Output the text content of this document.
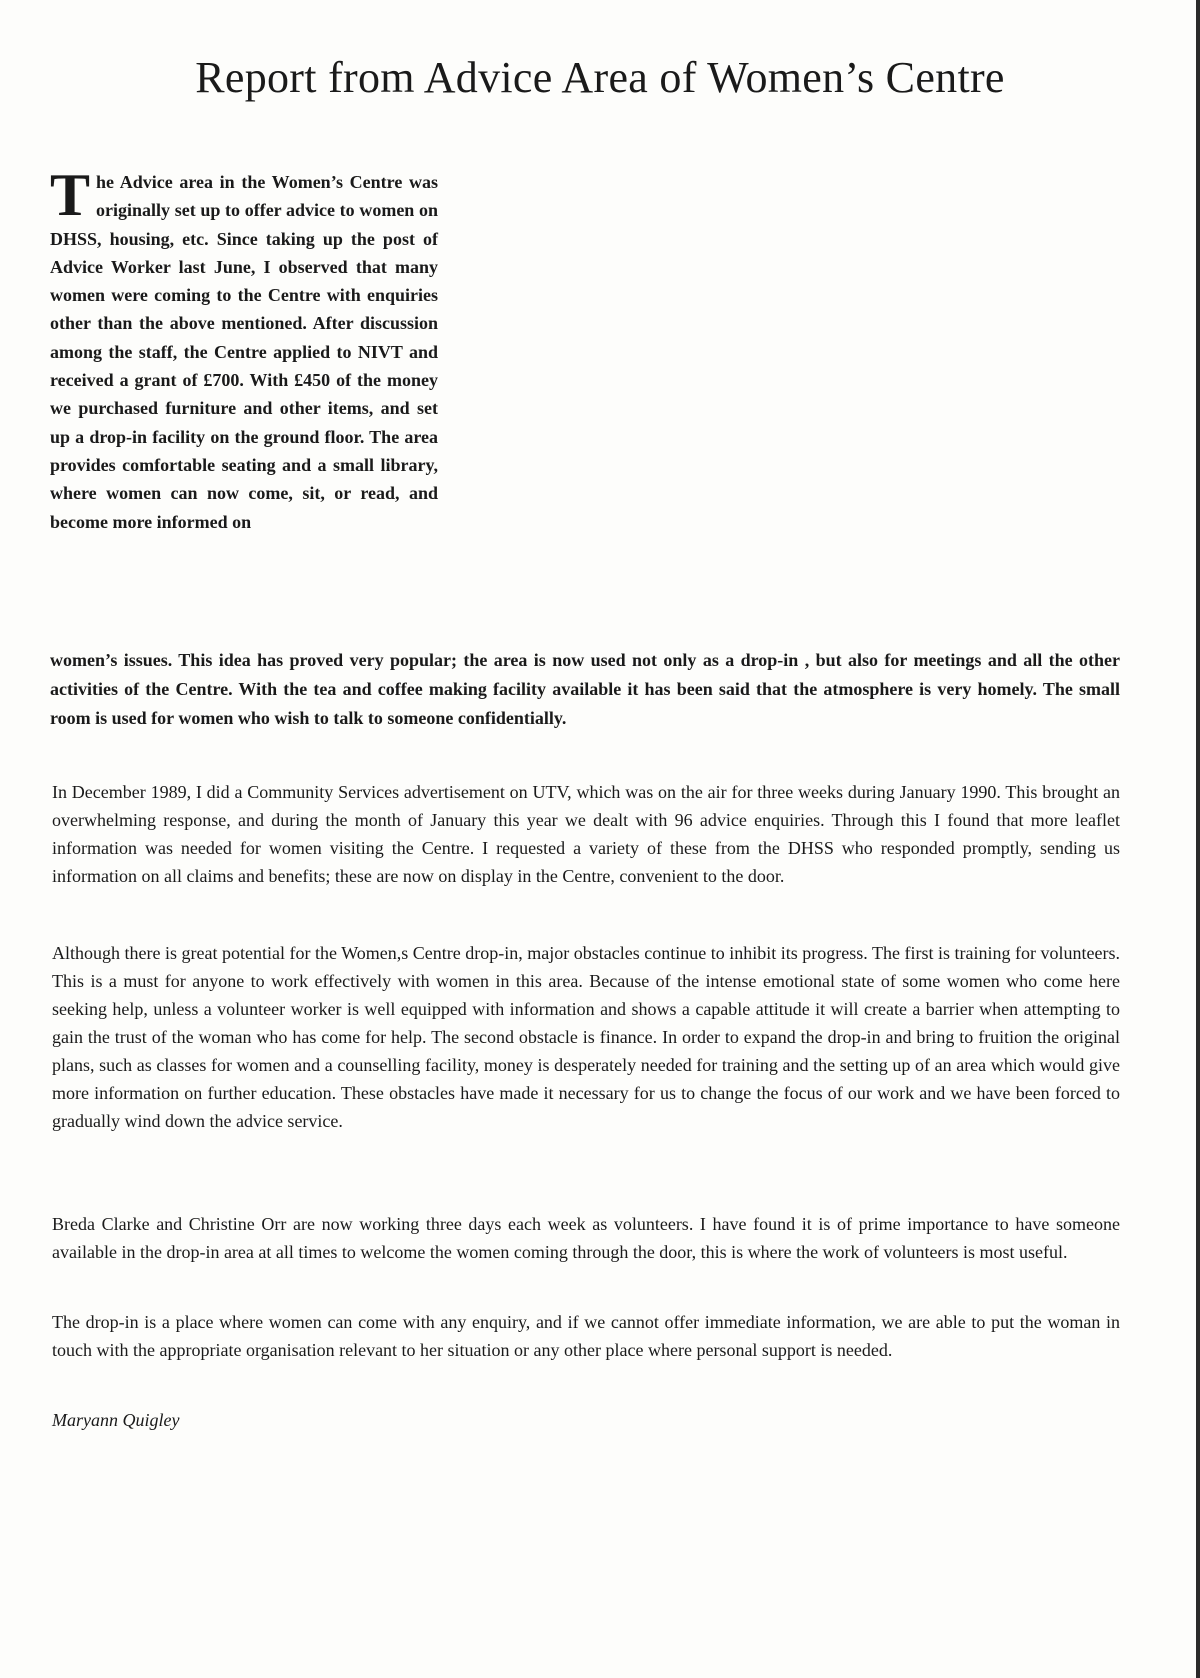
Report from Advice Area of Women’s Centre

The Advice area in the Women’s Centre was originally set up to offer advice to women on DHSS, housing, etc. Since taking up the post of Advice Worker last June, I observed that many women were coming to the Centre with enquiries other than the above mentioned. After discussion among the staff, the Centre applied to NIVT and received a grant of £700. With £450 of the money we purchased furniture and other items, and set up a drop-in facility on the ground floor. The area provides comfortable seating and a small library, where women can now come, sit, or read, and become more informed on

women’s issues. This idea has proved very popular; the area is now used not only as a drop-in , but also for meetings and all the other activities of the Centre. With the tea and coffee making facility available it has been said that the atmosphere is very homely. The small room is used for women who wish to talk to someone confidentially.

In December 1989, I did a Community Services advertisement on UTV, which was on the air for three weeks during January 1990. This brought an overwhelming response, and during the month of January this year we dealt with 96 advice enquiries. Through this I found that more leaflet information was needed for women visiting the Centre. I requested a variety of these from the DHSS who responded promptly, sending us information on all claims and benefits; these are now on display in the Centre, convenient to the door.

Although there is great potential for the Women,s Centre drop-in, major obstacles continue to inhibit its progress. The first is training for volunteers. This is a must for anyone to work effectively with women in this area. Because of the intense emotional state of some women who come here seeking help, unless a volunteer worker is well equipped with information and shows a capable attitude it will create a barrier when attempting to gain the trust of the woman who has come for help. The second obstacle is finance. In order to expand the drop-in and bring to fruition the original plans, such as classes for women and a counselling facility, money is desperately needed for training and the setting up of an area which would give more information on further education. These obstacles have made it necessary for us to change the focus of our work and we have been forced to gradually wind down the advice service.

Breda Clarke and Christine Orr are now working three days each week as volunteers. I have found it is of prime importance to have someone available in the drop-in area at all times to welcome the women coming through the door, this is where the work of volunteers is most useful.

The drop-in is a place where women can come with any enquiry, and if we cannot offer immediate information, we are able to put the woman in touch with the appropriate organisation relevant to her situation or any other place where personal support is needed.

Maryann Quigley
